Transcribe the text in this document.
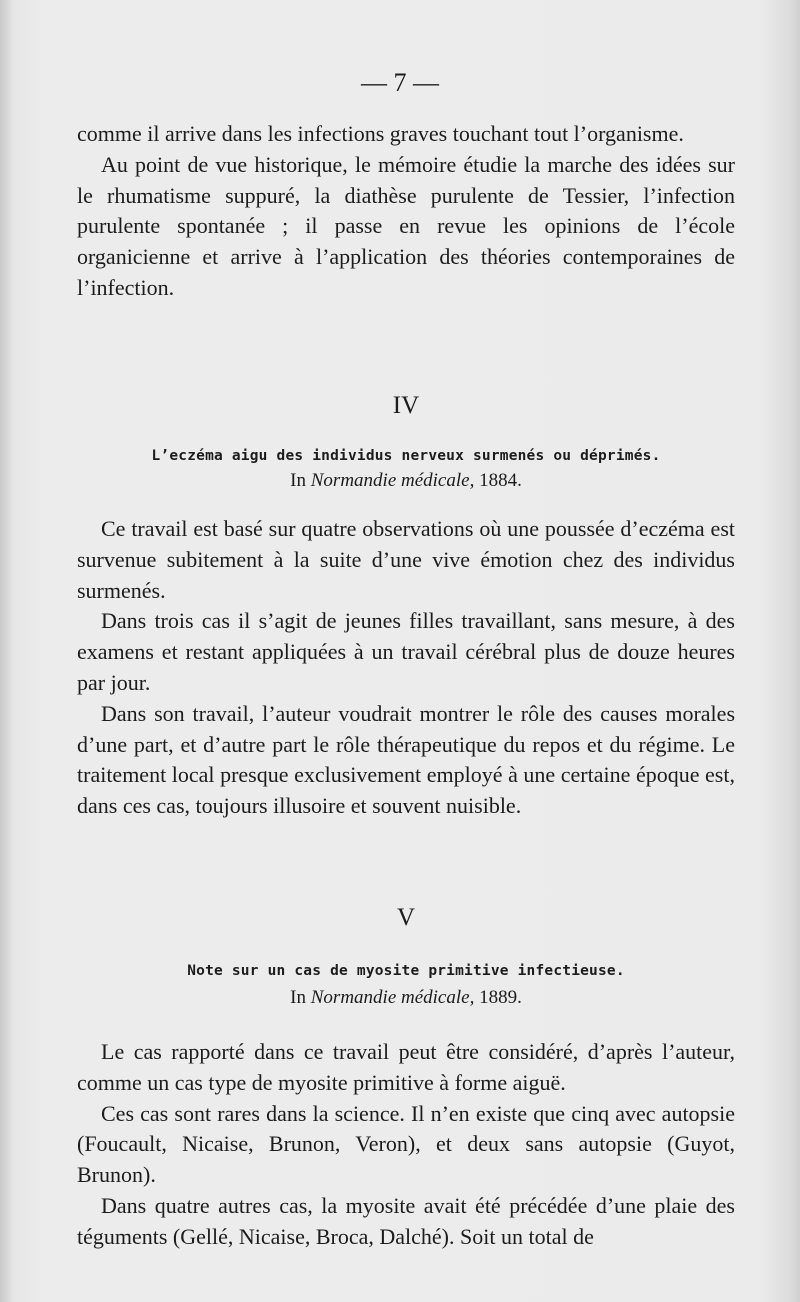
— 7 —

comme il arrive dans les infections graves touchant tout l’organisme.

Au point de vue historique, le mémoire étudie la marche des idées sur le rhumatisme suppuré, la diathèse purulente de Tessier, l’infection purulente spontanée ; il passe en revue les opinions de l’école organicienne et arrive à l’application des théories contemporaines de l’infection.

IV
L’eczéma aigu des individus nerveux surmenés ou déprimés.
In Normandie médicale, 1884.

Ce travail est basé sur quatre observations où une poussée d’eczéma est survenue subitement à la suite d’une vive émotion chez des individus surmenés.

Dans trois cas il s’agit de jeunes filles travaillant, sans mesure, à des examens et restant appliquées à un travail cérébral plus de douze heures par jour.

Dans son travail, l’auteur voudrait montrer le rôle des causes morales d’une part, et d’autre part le rôle thérapeutique du repos et du régime. Le traitement local presque exclusivement employé à une certaine époque est, dans ces cas, toujours illusoire et souvent nuisible.

V
Note sur un cas de myosite primitive infectieuse.
In Normandie médicale, 1889.

Le cas rapporté dans ce travail peut être considéré, d’après l’auteur, comme un cas type de myosite primitive à forme aiguë.

Ces cas sont rares dans la science. Il n’en existe que cinq avec autopsie (Foucault, Nicaise, Brunon, Veron), et deux sans autopsie (Guyot, Brunon).

Dans quatre autres cas, la myosite avait été précédée d’une plaie des téguments (Gellé, Nicaise, Broca, Dalché). Soit un total de
